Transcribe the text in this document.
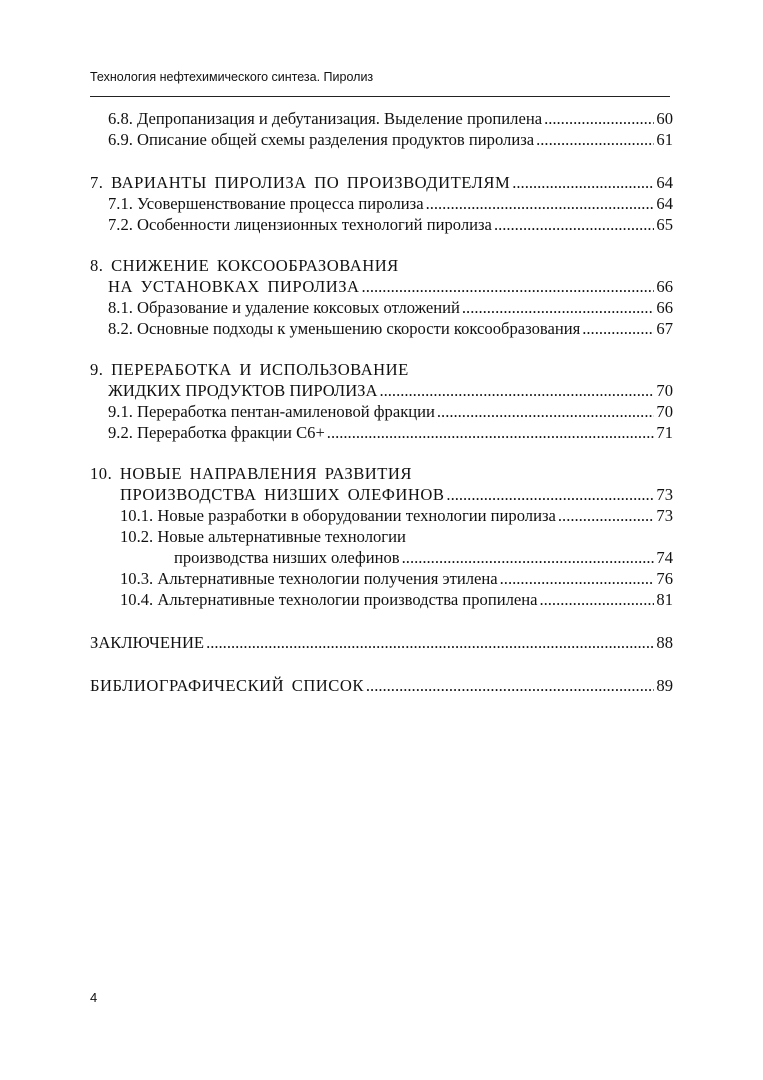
Технология нефтехимического синтеза. Пиролиз
6.8. Депропанизация и дебутанизация. Выделение пропилена .....	60
6.9. Описание общей схемы разделения продуктов пиролиза .....	61
7. ВАРИАНТЫ ПИРОЛИЗА ПО ПРОИЗВОДИТЕЛЯМ .....	64
7.1. Усовершенствование процесса пиролиза .....	64
7.2. Особенности лицензионных технологий пиролиза .....	65
8. СНИЖЕНИЕ КОКСООБРАЗОВАНИЯ
НА УСТАНОВКАХ ПИРОЛИЗА .....	66
8.1. Образование и удаление коксовых отложений .....	66
8.2. Основные подходы к уменьшению скорости коксообразования .....	67
9. ПЕРЕРАБОТКА И ИСПОЛЬЗОВАНИЕ
ЖИДКИХ ПРОДУКТОВ ПИРОЛИЗА .....	70
9.1. Переработка пентан-амиленовой фракции .....	70
9.2. Переработка фракции С6+ .....	71
10. НОВЫЕ НАПРАВЛЕНИЯ РАЗВИТИЯ
ПРОИЗВОДСТВА НИЗШИХ ОЛЕФИНОВ .....	73
10.1. Новые разработки в оборудовании технологии пиролиза .....	73
10.2. Новые альтернативные технологии
производства низших олефинов .....	74
10.3. Альтернативные технологии получения этилена .....	76
10.4. Альтернативные технологии производства пропилена .....	81
ЗАКЛЮЧЕНИЕ .....	88
БИБЛИОГРАФИЧЕСКИЙ СПИСОК .....	89
4
